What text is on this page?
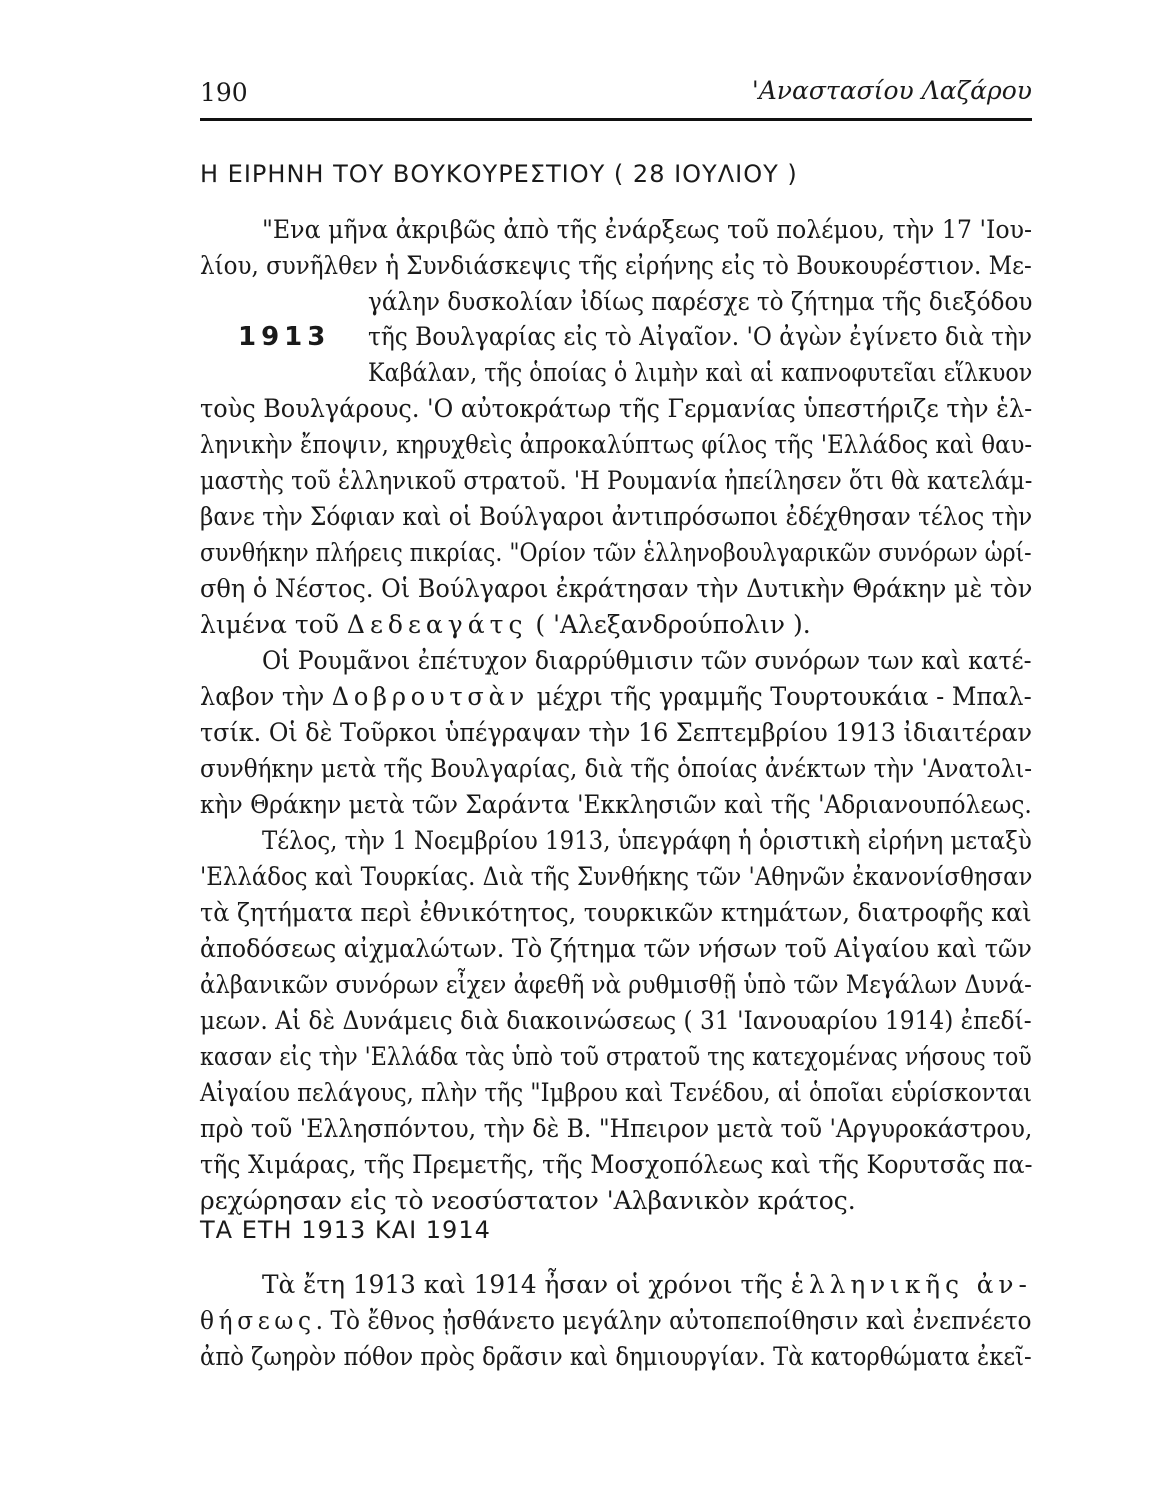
190	'Αναστασίου Λαζάρου
Η ΕΙΡΗΝΗ ΤΟΥ ΒΟΥΚΟΥΡΕΣΤΙΟΥ ( 28 ΙΟΥΛΙΟΥ )
1913
"Ενα μῆνα ἀκριβῶς ἀπὸ τῆς ἐνάρξεως τοῦ πολέμου, τὴν 17 'Ιου-
λίου, συνῆλθεν ἡ Συνδιάσκεψις τῆς εἰρήνης εἰς τὸ Βουκουρέστιον. Με-
γάλην δυσκολίαν ἰδίως παρέσχε τὸ ζήτημα τῆς διεξόδου
τῆς Βουλγαρίας εἰς τὸ Αἰγαῖον. 'Ο ἀγὼν ἐγίνετο διὰ τὴν
Καβάλαν, τῆς ὁποίας ὁ λιμὴν καὶ αἱ καπνοφυτεῖαι εἵλκυον
τοὺς Βουλγάρους. 'Ο αὐτοκράτωρ τῆς Γερμανίας ὑπεστήριζε τὴν ἑλ-
ληνικὴν ἔποψιν, κηρυχθεὶς ἀπροκαλύπτως φίλος τῆς 'Ελλάδος καὶ θαυ-
μαστὴς τοῦ ἑλληνικοῦ στρατοῦ. 'Η Ρουμανία ἠπείλησεν ὅτι θὰ κατελάμ-
βανε τὴν Σόφιαν καὶ οἱ Βούλγαροι ἀντιπρόσωποι ἐδέχθησαν τέλος τὴν
συνθήκην πλήρεις πικρίας. "Ορίον τῶν ἑλληνοβουλγαρικῶν συνόρων ὡρί-
σθη ὁ Νέστος. Οἱ Βούλγαροι ἐκράτησαν τὴν Δυτικὴν Θράκην μὲ τὸν
λιμένα τοῦ Δεδεαγάτς ( 'Αλεξανδρούπολιν ).
Οἱ Ρουμᾶνοι ἐπέτυχον διαρρύθμισιν τῶν συνόρων των καὶ κατέ-
λαβον τὴν Δοβρουτσὰν μέχρι τῆς γραμμῆς Τουρτουκάια - Μπαλ-
τσίκ. Οἱ δὲ Τοῦρκοι ὑπέγραψαν τὴν 16 Σεπτεμβρίου 1913 ἰδιαιτέραν
συνθήκην μετὰ τῆς Βουλγαρίας, διὰ τῆς ὁποίας ἀνέκτων τὴν 'Ανατολι-
κὴν Θράκην μετὰ τῶν Σαράντα 'Εκκλησιῶν καὶ τῆς 'Αδριανουπόλεως.
Τέλος, τὴν 1 Νοεμβρίου 1913, ὑπεγράφη ἡ ὁριστικὴ εἰρήνη μεταξὺ
'Ελλάδος καὶ Τουρκίας. Διὰ τῆς Συνθήκης τῶν 'Αθηνῶν ἐκανονίσθησαν
τὰ ζητήματα περὶ ἐθνικότητος, τουρκικῶν κτημάτων, διατροφῆς καὶ
ἀποδόσεως αἰχμαλώτων. Τὸ ζήτημα τῶν νήσων τοῦ Αἰγαίου καὶ τῶν
ἀλβανικῶν συνόρων εἶχεν ἀφεθῆ νὰ ρυθμισθῇ ὑπὸ τῶν Μεγάλων Δυνά-
μεων. Αἱ δὲ Δυνάμεις διὰ διακοινώσεως ( 31 'Ιανουαρίου 1914) ἐπεδί-
κασαν εἰς τὴν 'Ελλάδα τὰς ὑπὸ τοῦ στρατοῦ της κατεχομένας νήσους τοῦ
Αἰγαίου πελάγους, πλὴν τῆς "Ιμβρου καὶ Τενέδου, αἱ ὁποῖαι εὑρίσκονται
πρὸ τοῦ 'Ελλησπόντου, τὴν δὲ Β. "Ηπειρον μετὰ τοῦ 'Αργυροκάστρου,
τῆς Χιμάρας, τῆς Πρεμετῆς, τῆς Μοσχοπόλεως καὶ τῆς Κορυτσᾶς πα-
ρεχώρησαν εἰς τὸ νεοσύστατον 'Αλβανικὸν κράτος.
ΤΑ ΕΤΗ 1913 ΚΑΙ 1914
Τὰ ἔτη 1913 καὶ 1914 ἦσαν οἱ χρόνοι τῆς ἑλληνικῆς ἀν-
θήσεως. Τὸ ἔθνος ᾐσθάνετο μεγάλην αὐτοπεποίθησιν καὶ ἐνεπνέετο
ἀπὸ ζωηρὸν πόθον πρὸς δρᾶσιν καὶ δημιουργίαν. Τὰ κατορθώματα ἐκεῖ-
